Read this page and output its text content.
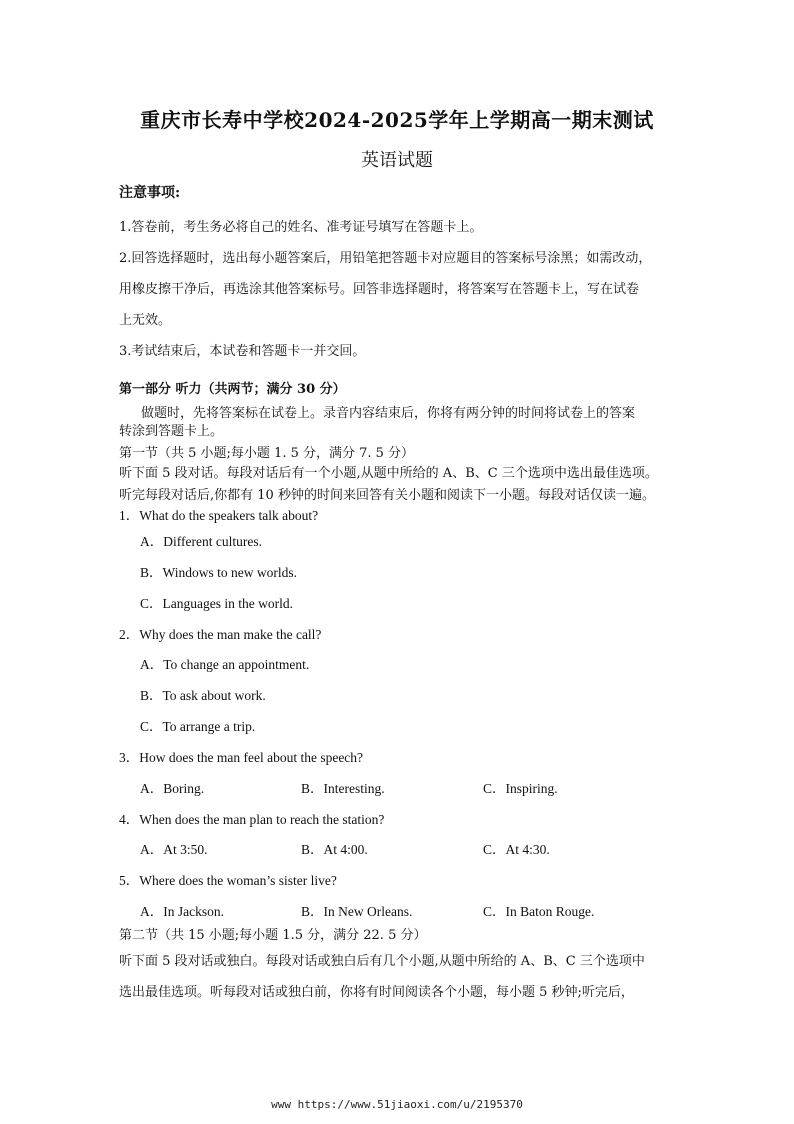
重庆市长寿中学校2024-2025学年上学期高一期末测试
英语试题
注意事项:
1.答卷前，考生务必将自己的姓名、准考证号填写在答题卡上。
2.回答选择题时，选出每小题答案后，用铅笔把答题卡对应题目的答案标号涂黑；如需改动，
用橡皮擦干净后，再选涂其他答案标号。回答非选择题时，将答案写在答题卡上，写在试卷
上无效。
3.考试结束后，本试卷和答题卡一并交回。
第一部分 听力（共两节；满分 30 分）
做题时，先将答案标在试卷上。录音内容结束后，你将有两分钟的时间将试卷上的答案
转涂到答题卡上。
第一节（共 5 小题;每小题 1. 5 分，满分 7. 5 分）
听下面 5 段对话。每段对话后有一个小题,从题中所给的 A、B、C 三个选项中选出最佳选项。
听完每段对话后,你都有 10 秒钟的时间来回答有关小题和阅读下一小题。每段对话仅读一遍。
1．What do the speakers talk about?
A．Different cultures.
B．Windows to new worlds.
C．Languages in the world.
2．Why does the man make the call?
A．To change an appointment.
B．To ask about work.
C．To arrange a trip.
3．How does the man feel about the speech?
A．Boring.	B．Interesting.	C．Inspiring.
4．When does the man plan to reach the station?
A．At 3:50.	B．At 4:00.	C．At 4:30.
5．Where does the woman’s sister live?
A．In Jackson.	B．In New Orleans.	C．In Baton Rouge.
第二节（共 15 小题;每小题 1.5 分，满分 22. 5 分）
听下面 5 段对话或独白。每段对话或独白后有几个小题,从题中所给的 A、B、C 三个选项中
选出最佳选项。听每段对话或独白前，你将有时间阅读各个小题，每小题 5 秒钟;听完后，
www https://www.51jiaoxi.com/u/2195370
